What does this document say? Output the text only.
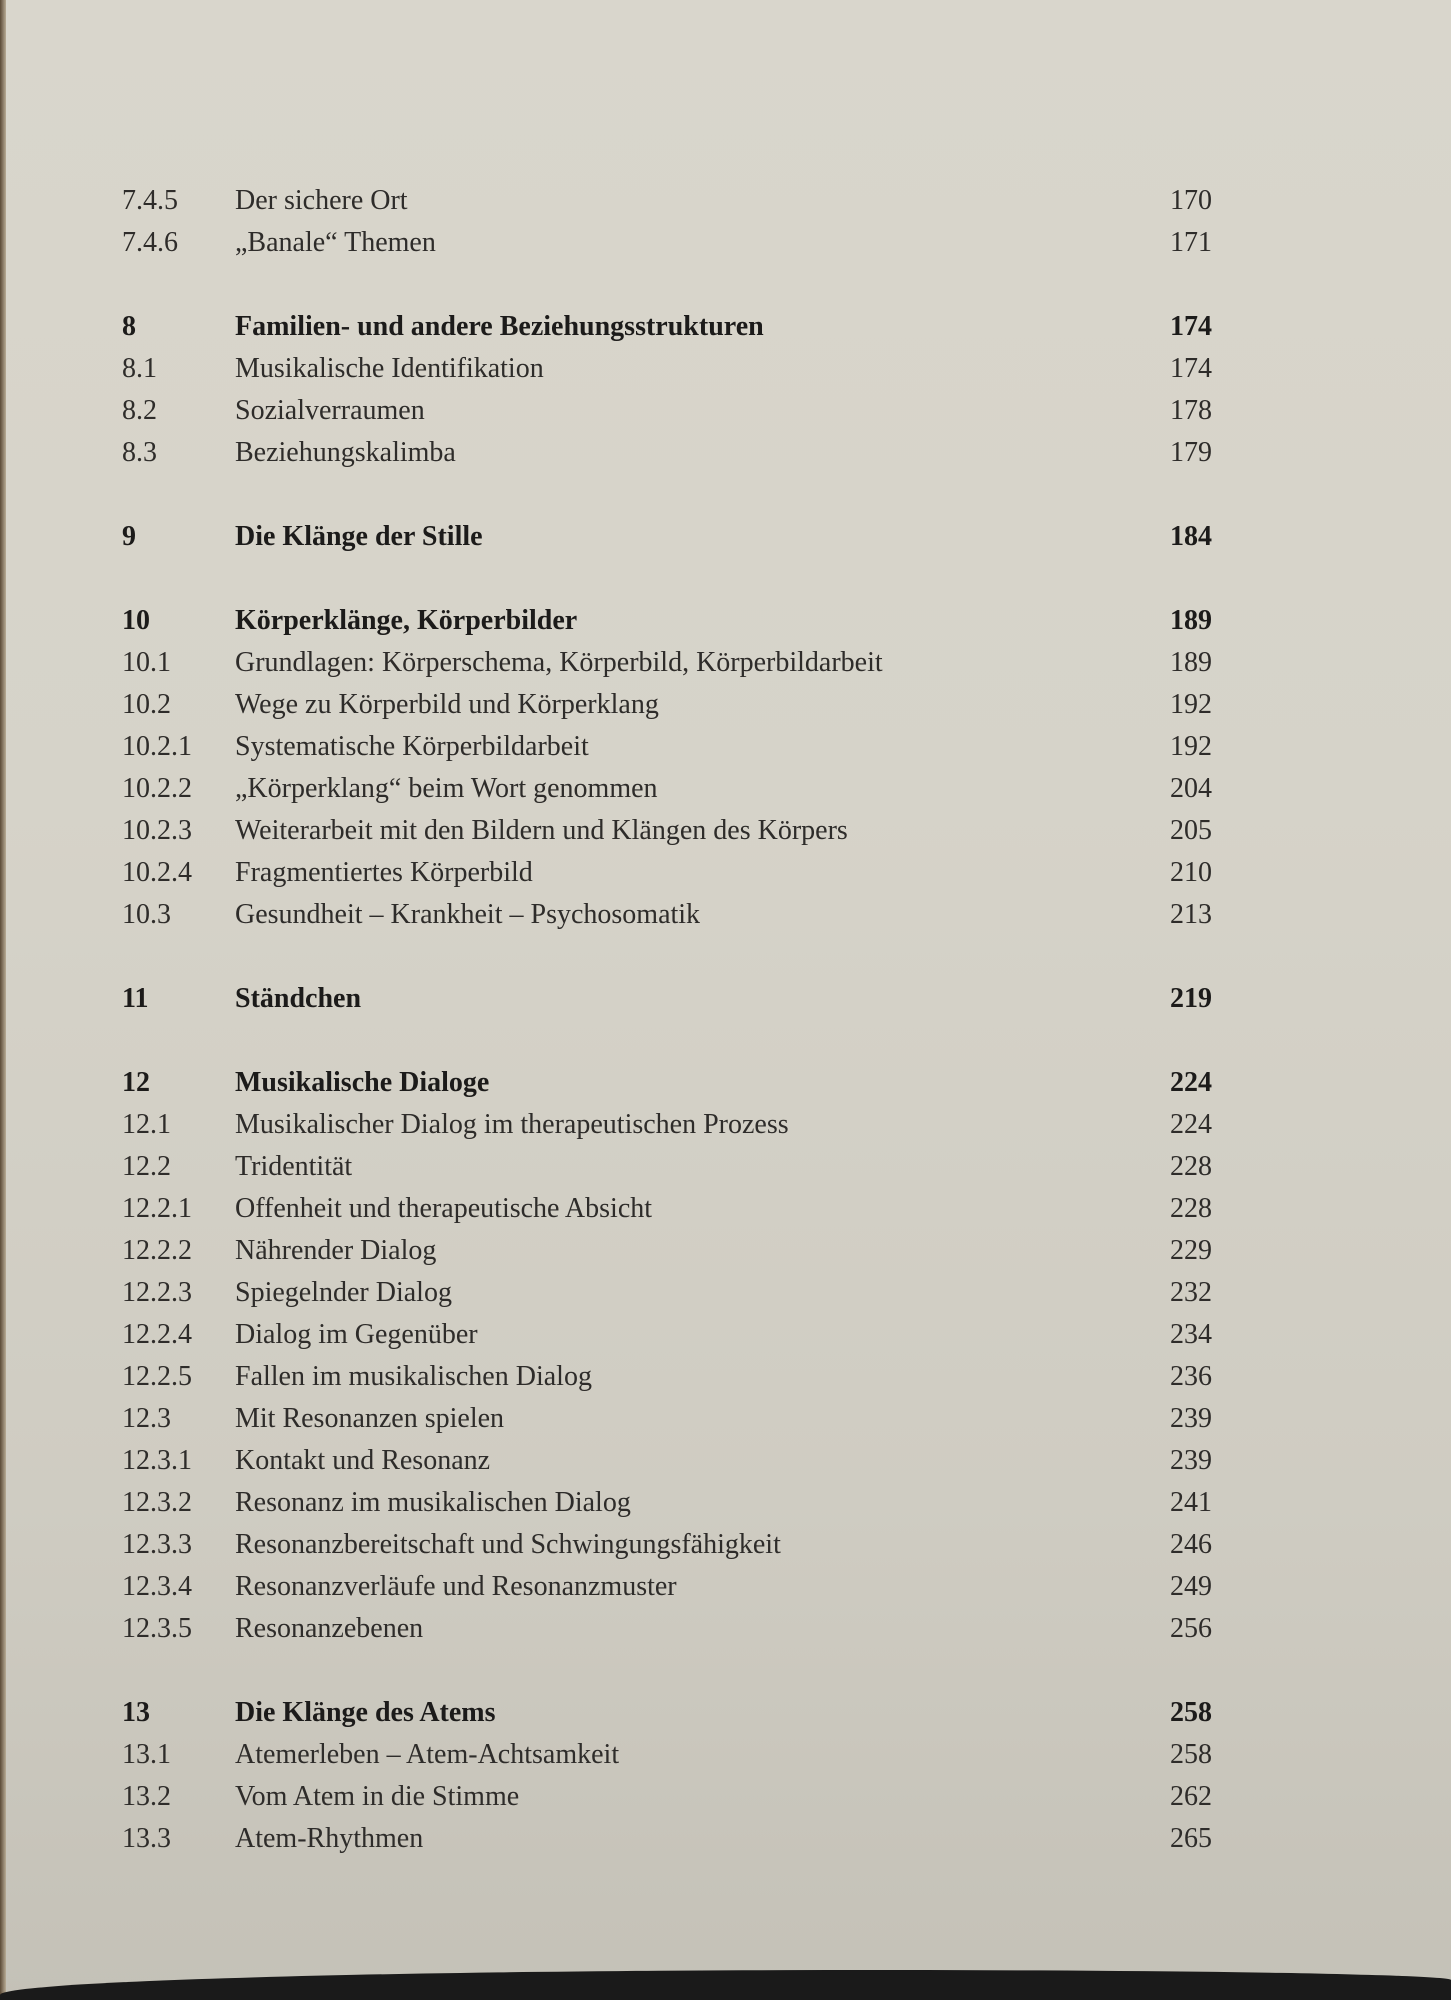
7.4.5	Der sichere Ort	170
7.4.6	„Banale“ Themen	171
8	Familien- und andere Beziehungsstrukturen	174
8.1	Musikalische Identifikation	174
8.2	Sozialverraumen	178
8.3	Beziehungskalimba	179
9	Die Klänge der Stille	184
10	Körperklänge, Körperbilder	189
10.1	Grundlagen: Körperschema, Körperbild, Körperbildarbeit	189
10.2	Wege zu Körperbild und Körperklang	192
10.2.1	Systematische Körperbildarbeit	192
10.2.2	„Körperklang“ beim Wort genommen	204
10.2.3	Weiterarbeit mit den Bildern und Klängen des Körpers	205
10.2.4	Fragmentiertes Körperbild	210
10.3	Gesundheit – Krankheit – Psychosomatik	213
11	Ständchen	219
12	Musikalische Dialoge	224
12.1	Musikalischer Dialog im therapeutischen Prozess	224
12.2	Tridentität	228
12.2.1	Offenheit und therapeutische Absicht	228
12.2.2	Nährender Dialog	229
12.2.3	Spiegelnder Dialog	232
12.2.4	Dialog im Gegenüber	234
12.2.5	Fallen im musikalischen Dialog	236
12.3	Mit Resonanzen spielen	239
12.3.1	Kontakt und Resonanz	239
12.3.2	Resonanz im musikalischen Dialog	241
12.3.3	Resonanzbereitschaft und Schwingungsfähigkeit	246
12.3.4	Resonanzverläufe und Resonanzmuster	249
12.3.5	Resonanzebenen	256
13	Die Klänge des Atems	258
13.1	Atemerleben – Atem-Achtsamkeit	258
13.2	Vom Atem in die Stimme	262
13.3	Atem-Rhythmen	265
